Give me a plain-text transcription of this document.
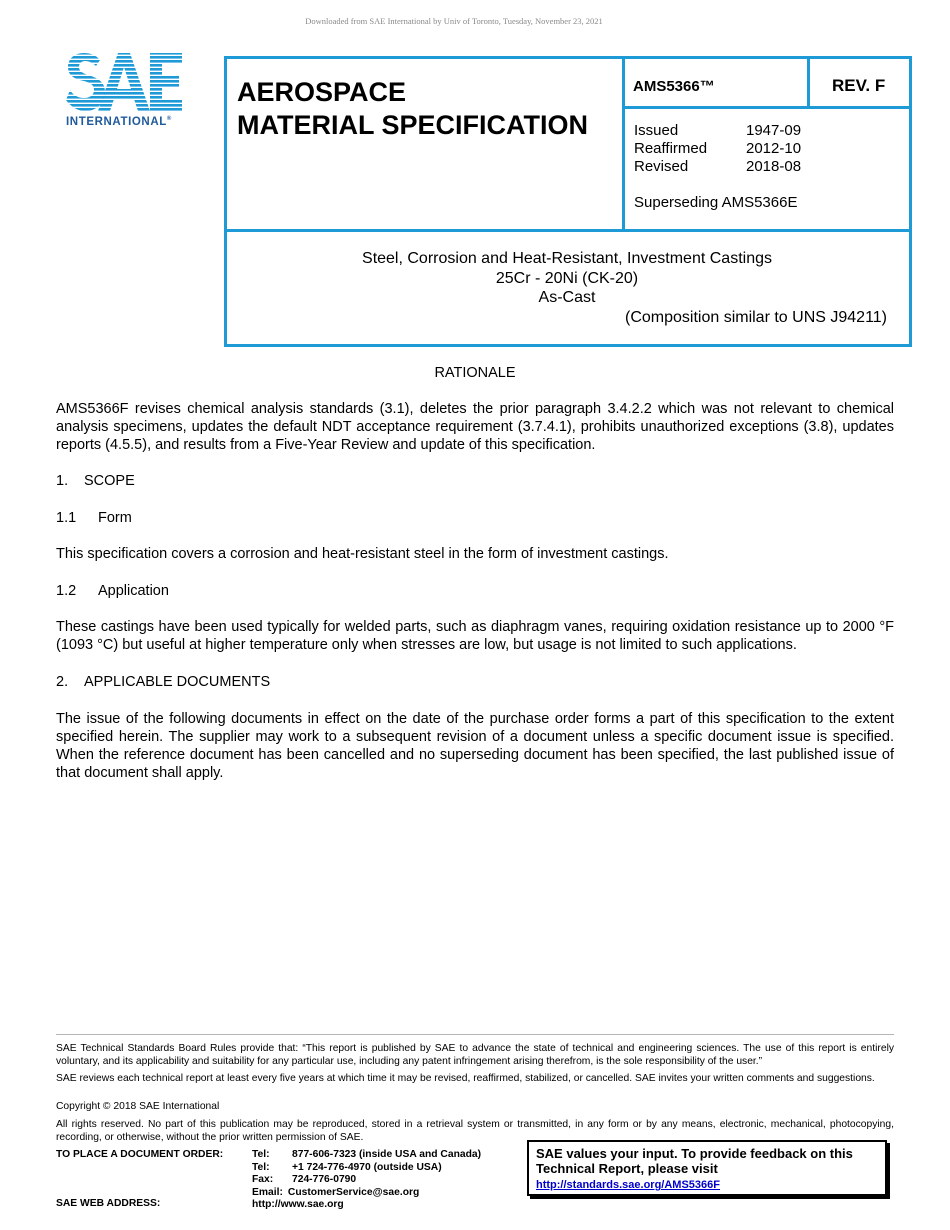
Downloaded from SAE International by Univ of Toronto, Tuesday, November 23, 2021
INTERNATIONAL®
AEROSPACE
MATERIAL SPECIFICATION
AMS5366™	REV. F
Issued	1947-09
Reaffirmed	2012-10
Revised	2018-08
Superseding AMS5366E
Steel, Corrosion and Heat-Resistant, Investment Castings
25Cr - 20Ni (CK-20)
As-Cast
(Composition similar to UNS J94211)
RATIONALE
AMS5366F revises chemical analysis standards (3.1), deletes the prior paragraph 3.4.2.2 which was not relevant to chemical analysis specimens, updates the default NDT acceptance requirement (3.7.4.1), prohibits unauthorized exceptions (3.8), updates reports (4.5.5), and results from a Five-Year Review and update of this specification.
1. SCOPE
1.1 Form
This specification covers a corrosion and heat-resistant steel in the form of investment castings.
1.2 Application
These castings have been used typically for welded parts, such as diaphragm vanes, requiring oxidation resistance up to 2000 °F (1093 °C) but useful at higher temperature only when stresses are low, but usage is not limited to such applications.
2. APPLICABLE DOCUMENTS
The issue of the following documents in effect on the date of the purchase order forms a part of this specification to the extent specified herein. The supplier may work to a subsequent revision of a document unless a specific document issue is specified. When the reference document has been cancelled and no superseding document has been specified, the last published issue of that document shall apply.
SAE Technical Standards Board Rules provide that: “This report is published by SAE to advance the state of technical and engineering sciences. The use of this report is entirely voluntary, and its applicability and suitability for any particular use, including any patent infringement arising therefrom, is the sole responsibility of the user.”
SAE reviews each technical report at least every five years at which time it may be revised, reaffirmed, stabilized, or cancelled. SAE invites your written comments and suggestions.
Copyright © 2018 SAE International
All rights reserved. No part of this publication may be reproduced, stored in a retrieval system or transmitted, in any form or by any means, electronic, mechanical, photocopying, recording, or otherwise, without the prior written permission of SAE.
TO PLACE A DOCUMENT ORDER:
SAE WEB ADDRESS:
Tel:	877-606-7323 (inside USA and Canada)
Tel:	+1 724-776-4970 (outside USA)
Fax:	724-776-0790
Email: CustomerService@sae.org
http://www.sae.org
SAE values your input. To provide feedback on this
Technical Report, please visit
http://standards.sae.org/AMS5366F
